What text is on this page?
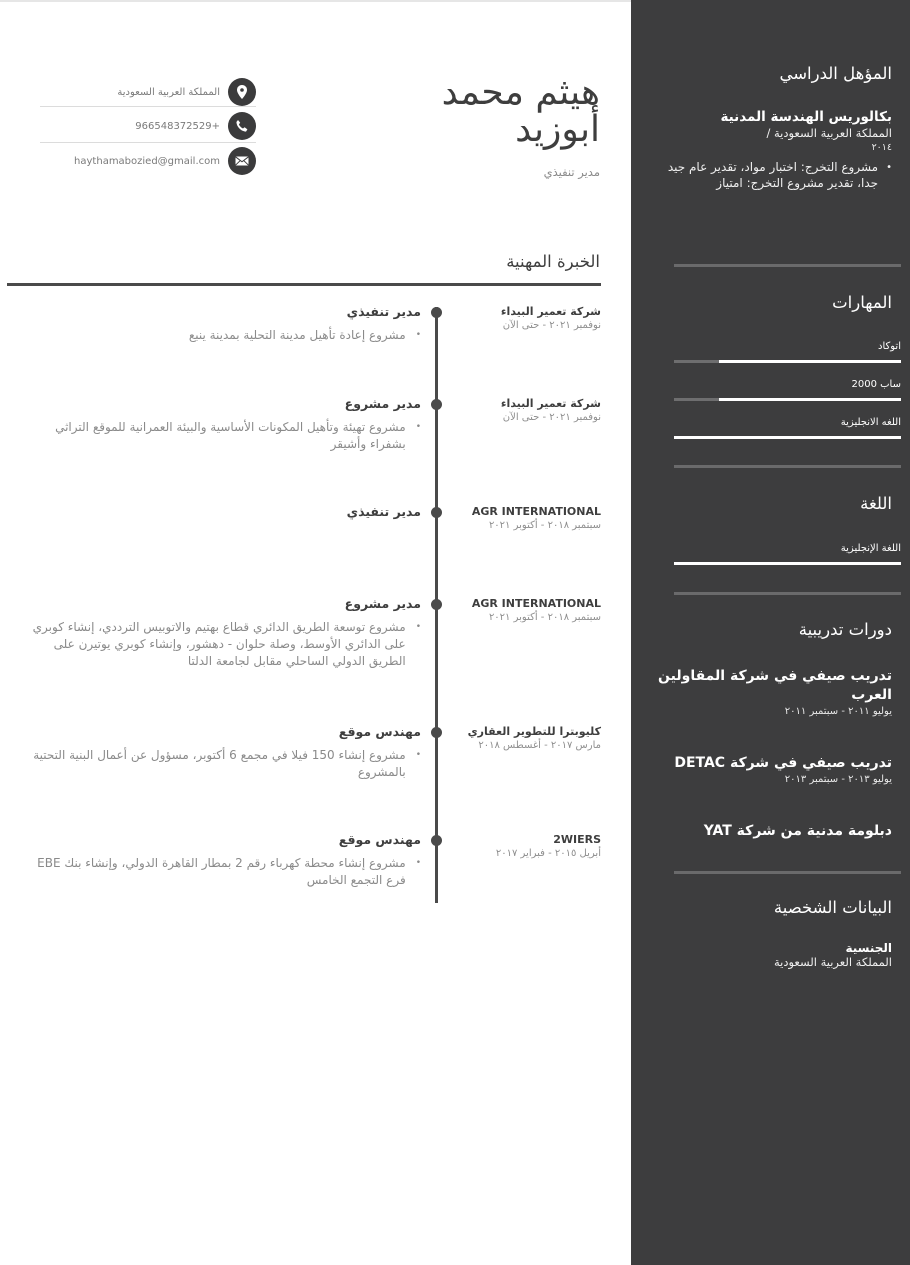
هيثم محمد
أبوزيد
مدير تنفيذي
المملكة العربية السعودية
966548372529+
haythamabozied@gmail.com
الخبرة المهنية
شركة تعمير البيداء
نوفمبر ٢٠٢١ - حتى الآن
مدير تنفيذي
•
مشروع إعادة تأهيل مدينة التحلية بمدينة ينبع
شركة تعمير البيداء
نوفمبر ٢٠٢١ - حتى الآن
مدير مشروع
•
مشروع تهيئة وتأهيل المكونات الأساسية والبيئة العمرانية للموقع التراثي بشفراء وأشيقر
AGR INTERNATIONAL
سبتمبر ٢٠١٨ - أكتوبر ٢٠٢١
مدير تنفيذي
AGR INTERNATIONAL
سبتمبر ٢٠١٨ - أكتوبر ٢٠٢١
مدير مشروع
•
مشروع توسعة الطريق الدائري قطاع بهتيم والاتوبيس الترددي، إنشاء كوبري على الدائري الأوسط، وصلة حلوان - دهشور، وإنشاء كوبري يوتيرن على الطريق الدولي الساحلي مقابل لجامعة الدلتا
كليوبترا للتطوير العقاري
مارس ٢٠١٧ - أغسطس ٢٠١٨
مهندس موقع
•
مشروع إنشاء 150 فيلا في مجمع 6 أكتوبر، مسؤول عن أعمال البنية التحتية بالمشروع
2WIERS
أبريل ٢٠١٥ - فبراير ٢٠١٧
مهندس موقع
•
مشروع إنشاء محطة كهرباء رقم 2 بمطار القاهرة الدولي، وإنشاء بنك EBE فرع التجمع الخامس
المؤهل الدراسي
بكالوريس الهندسة المدنية
المملكة العربية السعودية /
٢٠١٤
•
مشروع التخرج: اختبار مواد، تقدير عام جيد جدا، تقدير مشروع التخرج: امتياز
المهارات
اتوكاد
ساب 2000
اللغه الانجليزية
اللغة
اللغة الإنجليزية
دورات تدريبية
تدريب صيفي في شركة المقاولين العرب
يوليو ٢٠١١ - سبتمبر ٢٠١١
تدريب صيفي في شركة DETAC
يوليو ٢٠١٣ - سبتمبر ٢٠١٣
دبلومة مدنية من شركة YAT
البيانات الشخصية
الجنسية
المملكة العربية السعودية
